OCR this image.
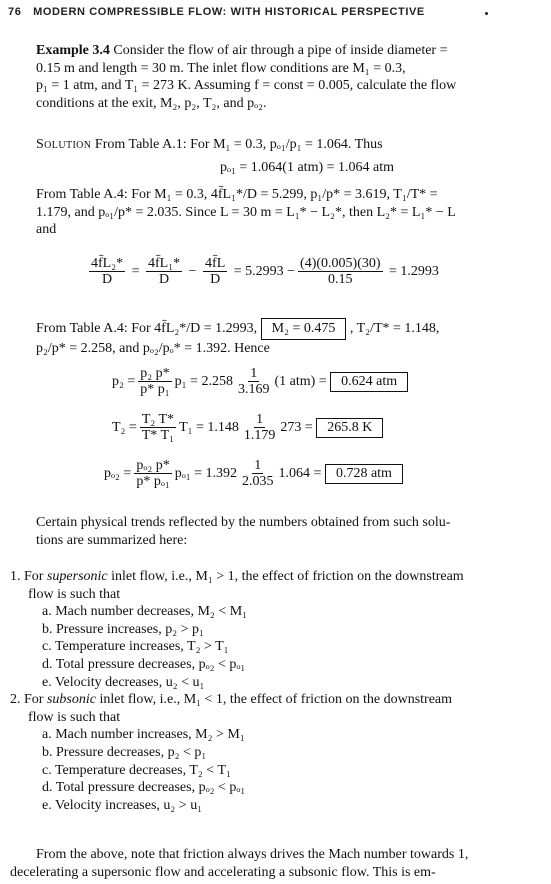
76 MODERN COMPRESSIBLE FLOW: WITH HISTORICAL PERSPECTIVE
Example 3.4 Consider the flow of air through a pipe of inside diameter =
0.15 m and length = 30 m. The inlet flow conditions are M₁ = 0.3,
p₁ = 1 atm, and T₁ = 273 K. Assuming f = const = 0.005, calculate the flow
conditions at the exit, M₂, p₂, T₂, and pₒ₂.
Solution From Table A.1: For M₁ = 0.3, pₒ₁/p₁ = 1.064. Thus
pₒ₁ = 1.064(1 atm) = 1.064 atm
From Table A.4: For M₁ = 0.3, 4f̄L₁*/D = 5.299, p₁/p* = 3.619, T₁/T* =
1.179, and pₒ₁/p* = 2.035. Since L = 30 m = L₁* − L₂*, then L₂* = L₁* − L
and
$\frac{\text{4f̄L₂*}}{D} = \frac{\text{4f̄L₁*}}{D} - \frac{4f̄L}{D}$
= $5.2993 - \frac{(4)(0.005)(30)}{0.15}$
= 1.2993
From Table A.4: For 4f̄L₂*/D = 1.2993, M₂ = 0.475 , T₂/T* = 1.148,
p₂/p* = 2.258, and pₒ₂/pₒ* = 1.392. Hence
$p_2 = \frac{\text{p₂ p*}}{\text{p* p₁}} p_1 = 2.258 \frac{1}{3.169} (1$ atm) =
	0.624 atm
$T_2 = \frac{\text{T₂ T*}}{\text{T* T₁}} T_1 = 1.148 \frac{1}{1.179} 273$ =
	265.8 K
$p_{o2} = \frac{\text{pₒ₂ p*}}{\text{p* pₒ₁}} p_{o1} = 1.392 \frac{1}{2.035} 1.064$ =
	0.728 atm
Certain physical trends reflected by the numbers obtained from such solu-
tions are summarized here:
1. For supersonic inlet flow, i.e., M₁ > 1, the effect of friction on the downstream
flow is such that
a. Mach number decreases, M₂ < M₁
b. Pressure increases, p₂ > p₁
c. Temperature increases, T₂ > T₁
d. Total pressure decreases, pₒ₂ < pₒ₁
e. Velocity decreases, u₂ < u₁
2. For subsonic inlet flow, i.e., M₁ < 1, the effect of friction on the downstream
flow is such that
a. Mach number increases, M₂ > M₁
b. Pressure decreases, p₂ < p₁
c. Temperature decreases, T₂ < T₁
d. Total pressure decreases, pₒ₂ < pₒ₁
e. Velocity increases, u₂ > u₁
From the above, note that friction always drives the Mach number towards 1,
decelerating a supersonic flow and accelerating a subsonic flow. This is em-
